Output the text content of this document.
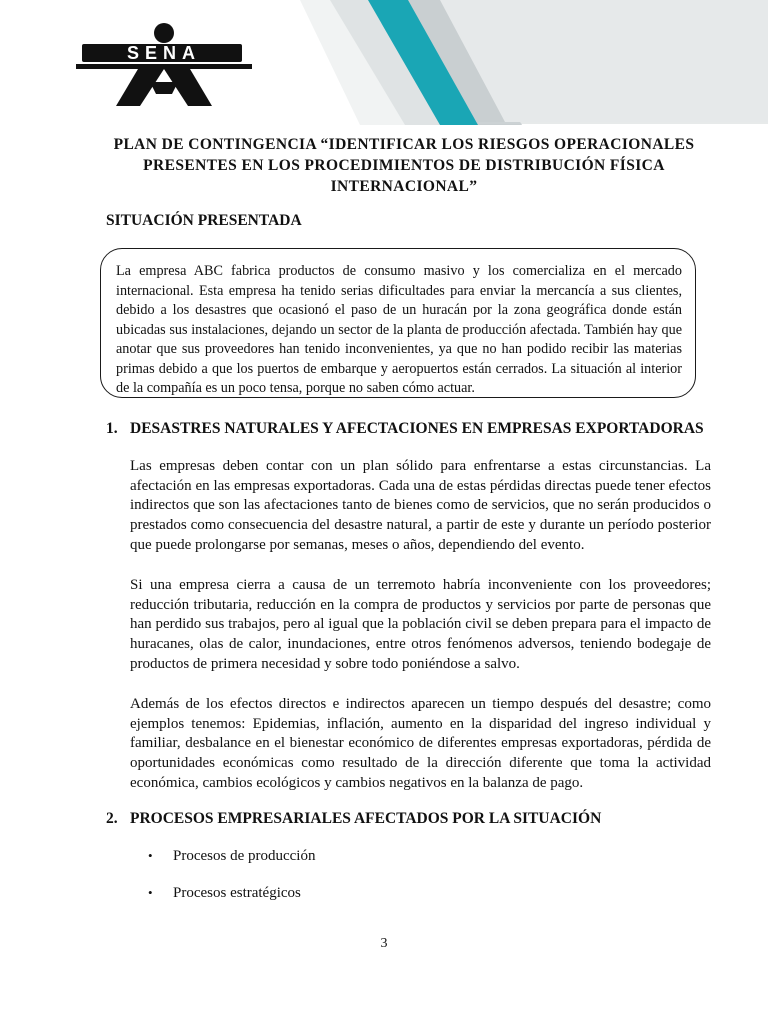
SENA
PLAN DE CONTINGENCIA “IDENTIFICAR LOS RIESGOS OPERACIONALES
PRESENTES EN LOS PROCEDIMIENTOS DE DISTRIBUCIÓN FÍSICA
INTERNACIONAL”
SITUACIÓN PRESENTADA
La empresa ABC fabrica productos de consumo masivo y los comercializa en el mercado internacional. Esta empresa ha tenido serias dificultades para enviar la mercancía a sus clientes, debido a los desastres que ocasionó el paso de un huracán por la zona geográfica donde están ubicadas sus instalaciones, dejando un sector de la planta de producción afectada. También hay que anotar que sus proveedores han tenido inconvenientes, ya que no han podido recibir las materias primas debido a que los puertos de embarque y aeropuertos están cerrados. La situación al interior de la compañía es un poco tensa, porque no saben cómo actuar.
1. DESASTRES NATURALES Y AFECTACIONES EN EMPRESAS EXPORTADORAS
Las empresas deben contar con un plan sólido para enfrentarse a estas circunstancias. La afectación en las empresas exportadoras. Cada una de estas pérdidas directas puede tener efectos indirectos que son las afectaciones tanto de bienes como de servicios, que no serán producidos o prestados como consecuencia del desastre natural, a partir de este y durante un período posterior que puede prolongarse por semanas, meses o años, dependiendo del evento.
Si una empresa cierra a causa de un terremoto habría inconveniente con los proveedores; reducción tributaria, reducción en la compra de productos y servicios por parte de personas que han perdido sus trabajos, pero al igual que la población civil se deben prepara para el impacto de huracanes, olas de calor, inundaciones, entre otros fenómenos adversos, teniendo bodegaje de productos de primera necesidad y sobre todo poniéndose a salvo.
Además de los efectos directos e indirectos aparecen un tiempo después del desastre; como ejemplos tenemos: Epidemias, inflación, aumento en la disparidad del ingreso individual y familiar, desbalance en el bienestar económico de diferentes empresas exportadoras, pérdida de oportunidades económicas como resultado de la dirección diferente que toma la actividad económica, cambios ecológicos y cambios negativos en la balanza de pago.
2. PROCESOS EMPRESARIALES AFECTADOS POR LA SITUACIÓN
• Procesos de producción
• Procesos estratégicos
3
